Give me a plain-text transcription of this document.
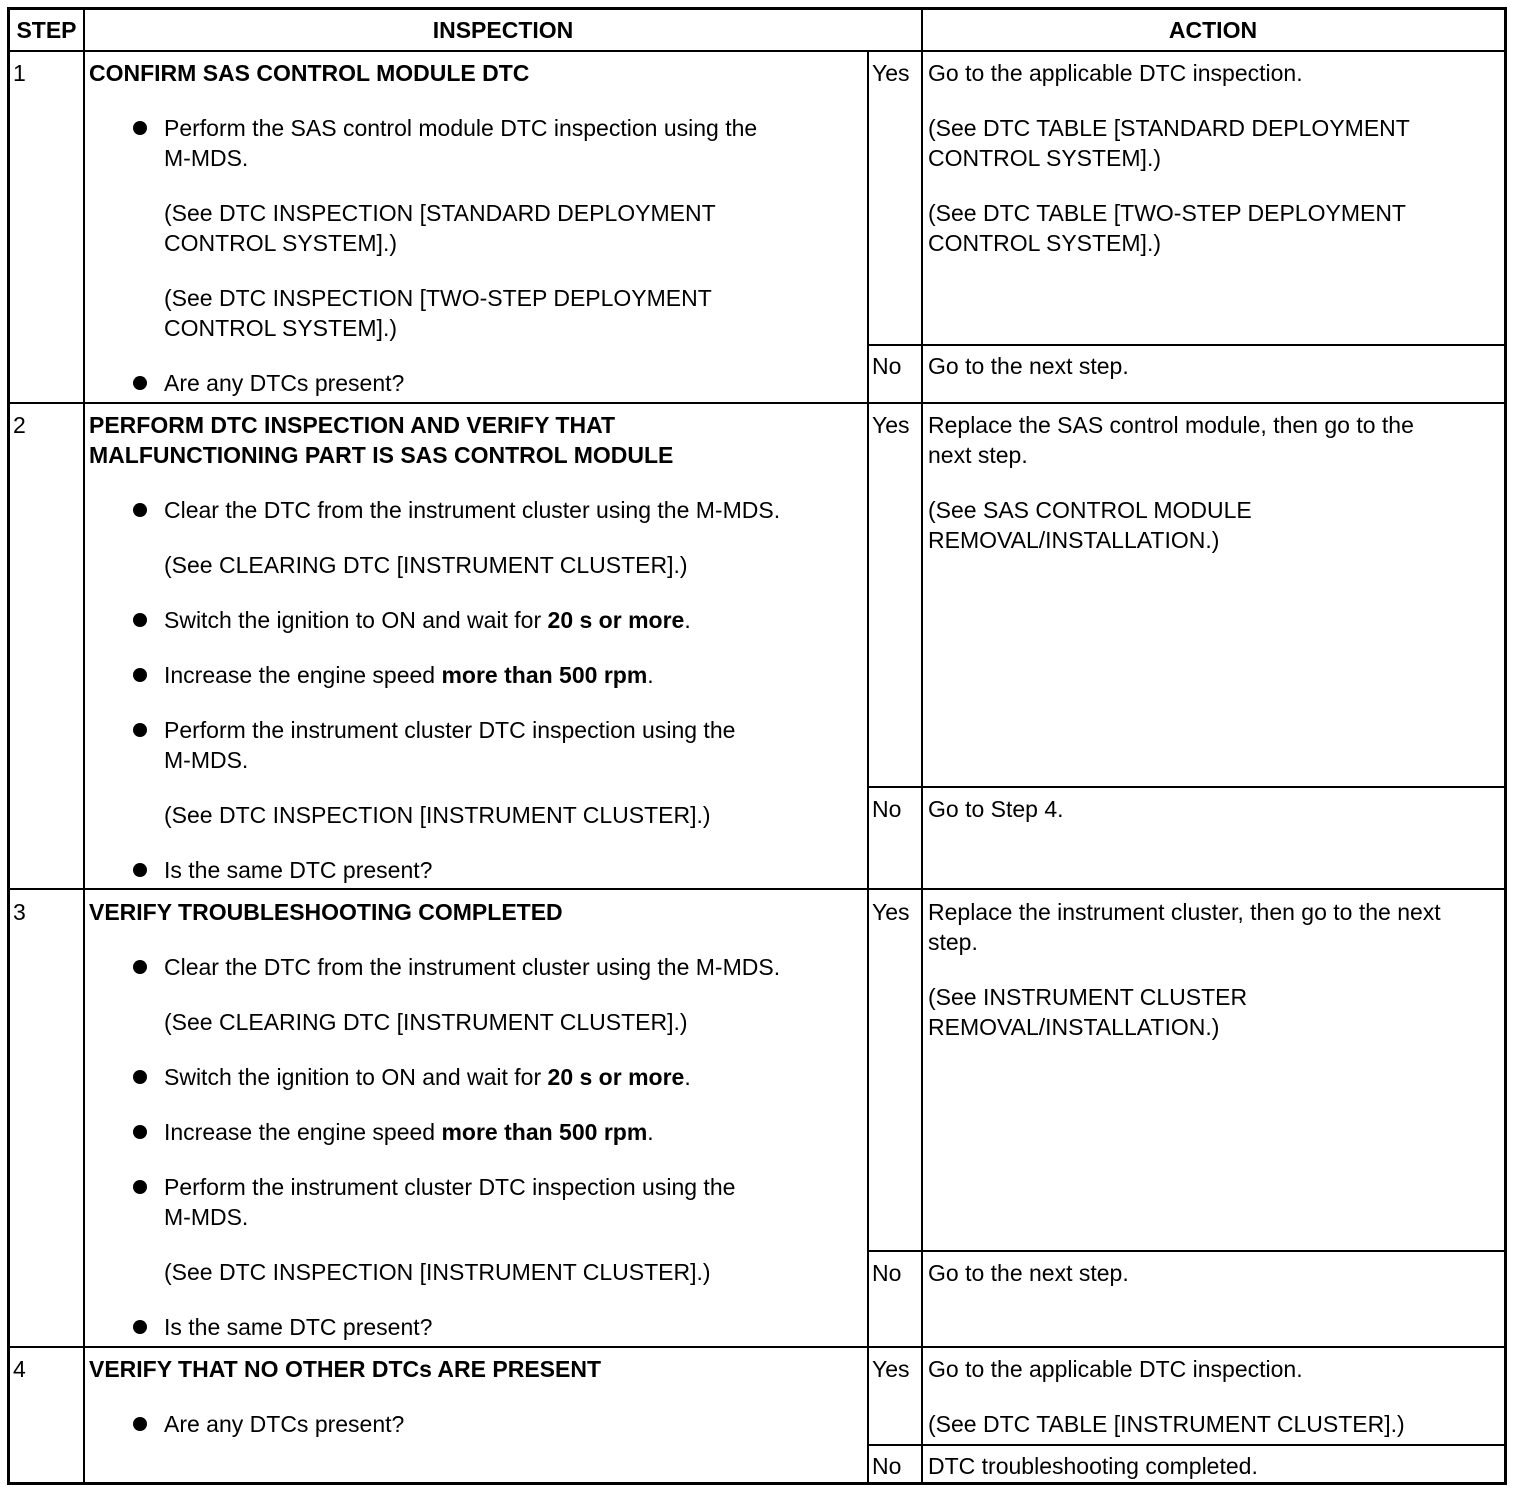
STEP	INSPECTION	ACTION
1	CONFIRM SAS CONTROL MODULE DTC
Perform the SAS control module DTC inspection using the
M-MDS.
(See DTC INSPECTION [STANDARD DEPLOYMENT
CONTROL SYSTEM].)
(See DTC INSPECTION [TWO-STEP DEPLOYMENT
CONTROL SYSTEM].)
Are any DTCs present?
Yes Go to the applicable DTC inspection.
(See DTC TABLE [STANDARD DEPLOYMENT
CONTROL SYSTEM].)
(See DTC TABLE [TWO-STEP DEPLOYMENT
CONTROL SYSTEM].)
No Go to the next step.
2	PERFORM DTC INSPECTION AND VERIFY THAT
MALFUNCTIONING PART IS SAS CONTROL MODULE
Clear the DTC from the instrument cluster using the M-MDS.
(See CLEARING DTC [INSTRUMENT CLUSTER].)
Switch the ignition to ON and wait for 20 s or more.
Increase the engine speed more than 500 rpm.
Perform the instrument cluster DTC inspection using the
M-MDS.
(See DTC INSPECTION [INSTRUMENT CLUSTER].)
Is the same DTC present?
Yes Replace the SAS control module, then go to the
next step.
(See SAS CONTROL MODULE
REMOVAL/INSTALLATION.)
No Go to Step 4.
3	VERIFY TROUBLESHOOTING COMPLETED
Clear the DTC from the instrument cluster using the M-MDS.
(See CLEARING DTC [INSTRUMENT CLUSTER].)
Switch the ignition to ON and wait for 20 s or more.
Increase the engine speed more than 500 rpm.
Perform the instrument cluster DTC inspection using the
M-MDS.
(See DTC INSPECTION [INSTRUMENT CLUSTER].)
Is the same DTC present?
Yes Replace the instrument cluster, then go to the next
step.
(See INSTRUMENT CLUSTER
REMOVAL/INSTALLATION.)
No Go to the next step.
4	VERIFY THAT NO OTHER DTCs ARE PRESENT
Are any DTCs present?
Yes Go to the applicable DTC inspection.
(See DTC TABLE [INSTRUMENT CLUSTER].)
No DTC troubleshooting completed.
